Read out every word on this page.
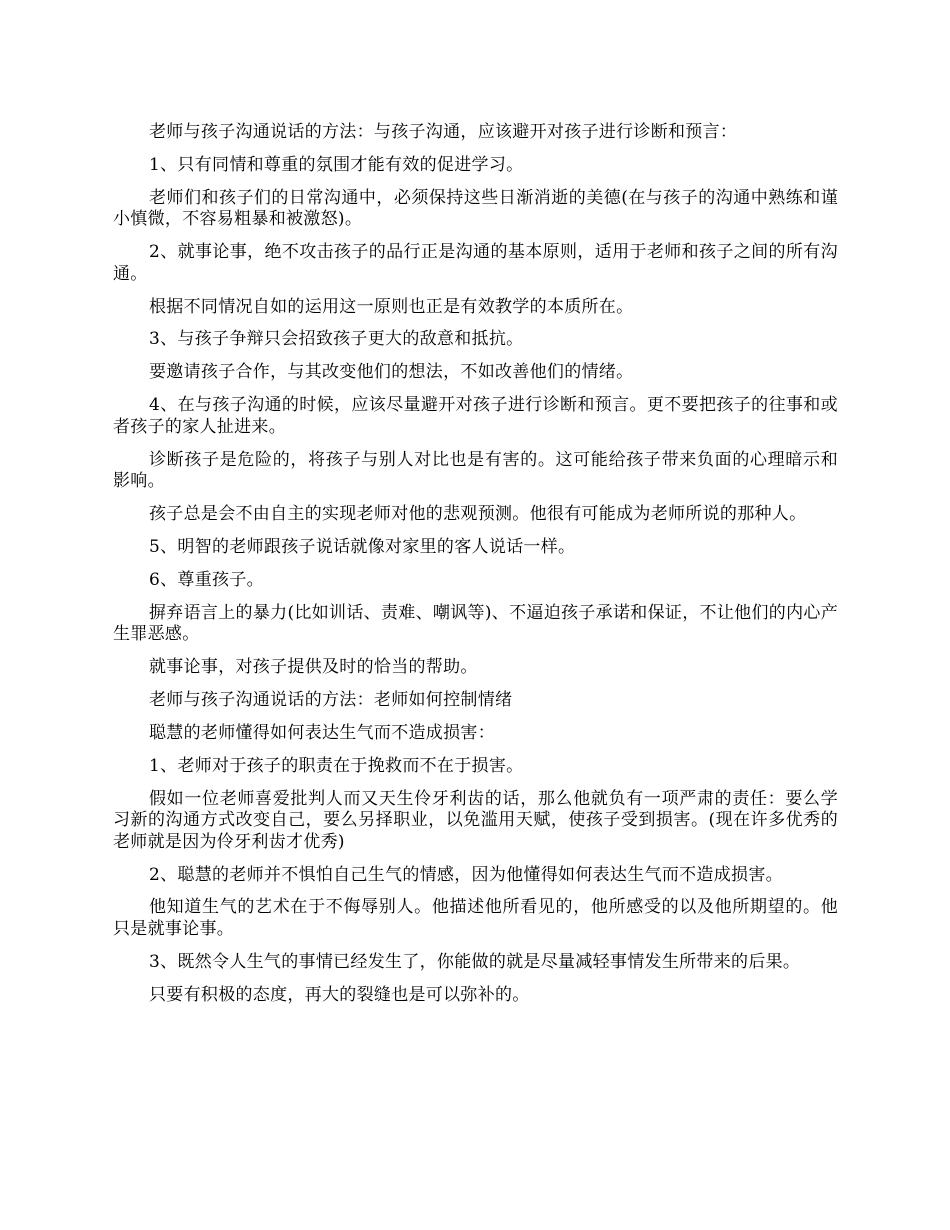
老师与孩子沟通说话的方法：与孩子沟通，应该避开对孩子进行诊断和预言：

1、只有同情和尊重的氛围才能有效的促进学习。

老师们和孩子们的日常沟通中，必须保持这些日渐消逝的美德(在与孩子的沟通中熟练和谨小慎微，不容易粗暴和被激怒)。

2、就事论事，绝不攻击孩子的品行正是沟通的基本原则，适用于老师和孩子之间的所有沟通。

根据不同情况自如的运用这一原则也正是有效教学的本质所在。

3、与孩子争辩只会招致孩子更大的敌意和抵抗。

要邀请孩子合作，与其改变他们的想法，不如改善他们的情绪。

4、在与孩子沟通的时候，应该尽量避开对孩子进行诊断和预言。更不要把孩子的往事和或者孩子的家人扯进来。

诊断孩子是危险的，将孩子与别人对比也是有害的。这可能给孩子带来负面的心理暗示和影响。

孩子总是会不由自主的实现老师对他的悲观预测。他很有可能成为老师所说的那种人。

5、明智的老师跟孩子说话就像对家里的客人说话一样。

6、尊重孩子。

摒弃语言上的暴力(比如训话、责难、嘲讽等)、不逼迫孩子承诺和保证，不让他们的内心产生罪恶感。

就事论事，对孩子提供及时的恰当的帮助。

老师与孩子沟通说话的方法：老师如何控制情绪

聪慧的老师懂得如何表达生气而不造成损害：

1、老师对于孩子的职责在于挽救而不在于损害。

假如一位老师喜爱批判人而又天生伶牙利齿的话，那么他就负有一项严肃的责任：要么学习新的沟通方式改变自己，要么另择职业，以免滥用天赋，使孩子受到损害。(现在许多优秀的老师就是因为伶牙利齿才优秀)

2、聪慧的老师并不惧怕自己生气的情感，因为他懂得如何表达生气而不造成损害。

他知道生气的艺术在于不侮辱别人。他描述他所看见的，他所感受的以及他所期望的。他只是就事论事。

3、既然令人生气的事情已经发生了，你能做的就是尽量减轻事情发生所带来的后果。

只要有积极的态度，再大的裂缝也是可以弥补的。
